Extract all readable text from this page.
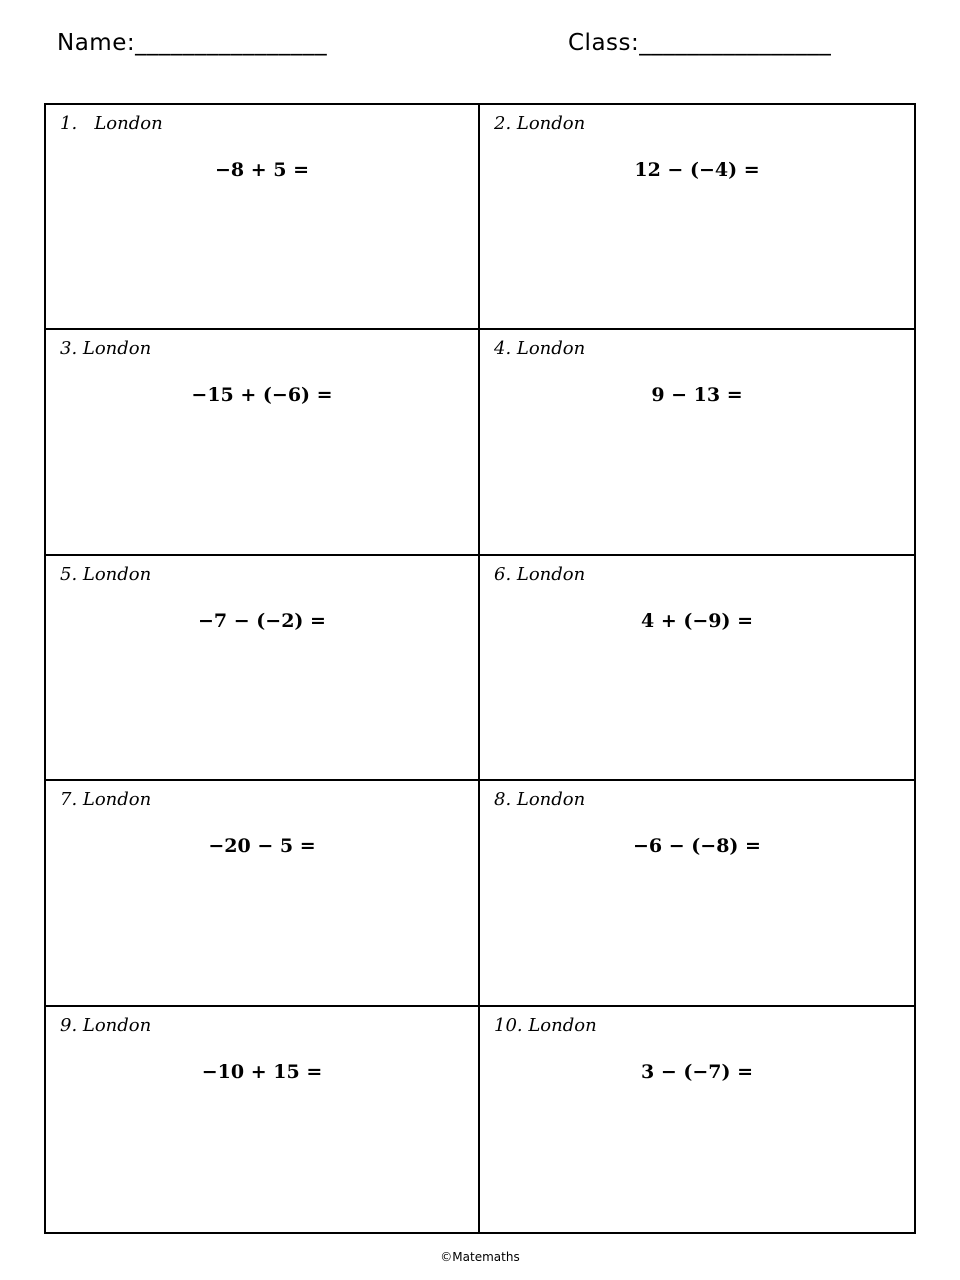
Name:________________	Class:________________
1.   London
−8 + 5 =
2. London
12 − (−4) =
3. London
−15 + (−6) =
4. London
9 − 13 =
5. London
−7 − (−2) =
6. London
4 + (−9) =
7. London
−20 − 5 =
8. London
−6 − (−8) =
9. London
−10 + 15 =
10. London
3 − (−7) =
©Matemaths
